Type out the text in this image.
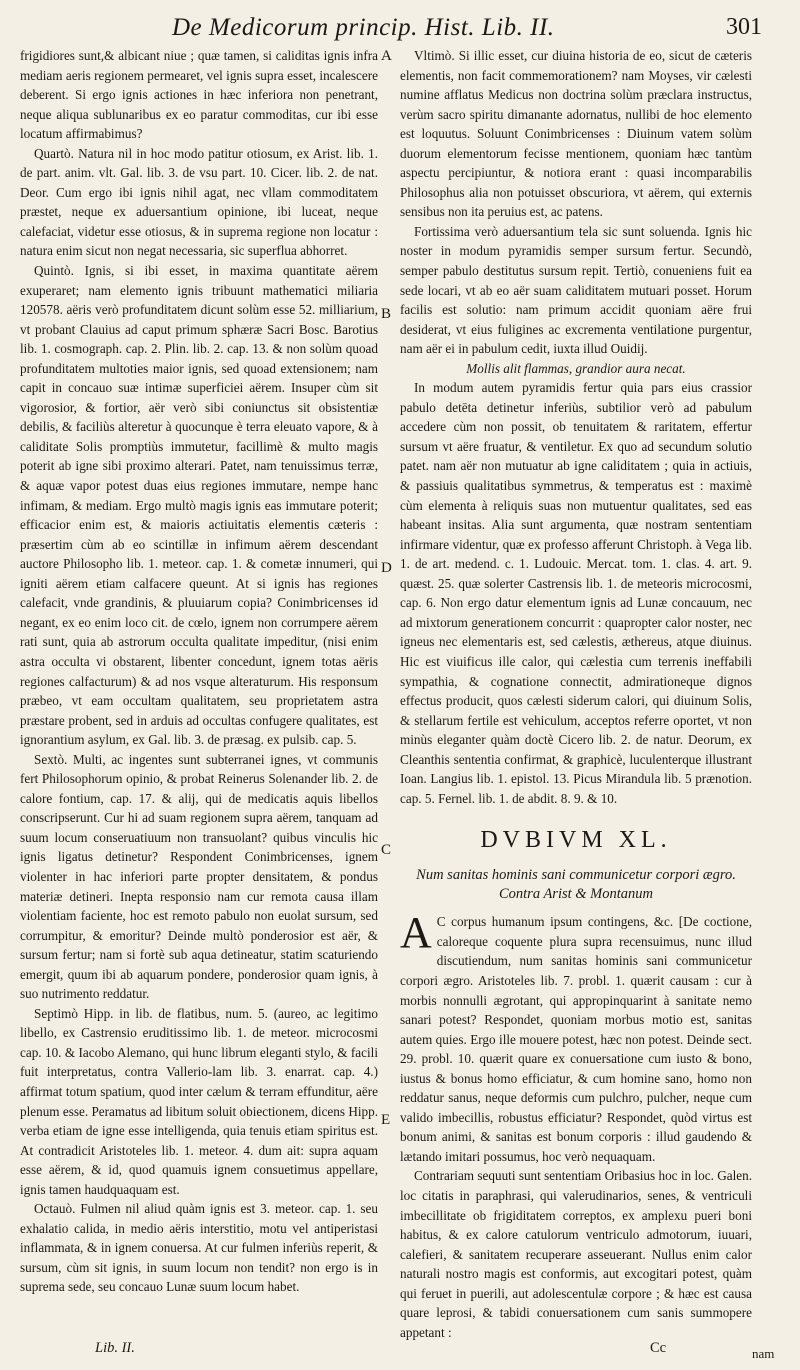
De Medicorum princip. Hist. Lib. II.	301
A
B
D
C
E

frigidiores sunt,& albicant niue ; quæ tamen, si caliditas ignis infra mediam aeris regionem permearet, vel ignis supra esset, incalescere deberent. Si ergo ignis actiones in hæc inferiora non penetrant, neque aliqua sublunaribus ex eo paratur commoditas, cur ibi esse locatum affirmabimus?

Quartò. Natura nil in hoc modo patitur otiosum, ex Arist. lib. 1. de part. anim. vlt. Gal. lib. 3. de vsu part. 10. Cicer. lib. 2. de nat. Deor. Cum ergo ibi ignis nihil agat, nec vllam commoditatem præstet, neque ex aduersantium opinione, ibi luceat, neque calefaciat, videtur esse otiosus, & in suprema regione non locatur : natura enim sicut non negat necessaria, sic superflua abhorret.

Quintò. Ignis, si ibi esset, in maxima quantitate aërem exuperaret; nam elemento ignis tribuunt mathematici miliaria 120578. aëris verò profunditatem dicunt solùm esse 52. milliarium, vt probant Clauius ad caput primum sphæræ Sacri Bosc. Barotius lib. 1. cosmograph. cap. 2. Plin. lib. 2. cap. 13. & non solùm quoad profunditatem multoties maior ignis, sed quoad extensionem; nam capit in concauo suæ intimæ superficiei aërem. Insuper cùm sit vigorosior, & fortior, aër verò sibi coniunctus sit obsistentiæ debilis, & faciliùs alteretur à quocunque è terra eleuato vapore, & à caliditate Solis promptiùs immutetur, facillimè & multo magis poterit ab igne sibi proximo alterari. Patet, nam tenuissimus terræ, & aquæ vapor potest duas eius regiones immutare, nempe hanc infimam, & mediam. Ergo multò magis ignis eas immutare poterit; efficacior enim est, & maioris actiuitatis elementis cæteris : præsertim cùm ab eo scintillæ in infimum aërem descendant auctore Philosopho lib. 1. meteor. cap. 1. & cometæ innumeri, qui igniti aërem etiam calfacere queunt. At si ignis has regiones calefacit, vnde grandinis, & pluuiarum copia? Conimbricenses id negant, ex eo enim loco cit. de cœlo, ignem non corrumpere aërem rati sunt, quia ab astrorum occulta qualitate impeditur, (nisi enim astra occulta vi obstarent, libenter concedunt, ignem totas aëris regiones calfacturum) & ad nos vsque alteraturum. His responsum præbeo, vt eam occultam qualitatem, seu proprietatem astra præstare probent, sed in arduis ad occultas confugere qualitates, est ignorantium asylum, ex Gal. lib. 3. de præsag. ex pulsib. cap. 5.

Sextò. Multi, ac ingentes sunt subterranei ignes, vt communis fert Philosophorum opinio, & probat Reinerus Solenander lib. 2. de calore fontium, cap. 17. & alij, qui de medicatis aquis libellos conscripserunt. Cur hi ad suam regionem supra aërem, tanquam ad suum locum conseruatiuum non transuolant? quibus vinculis hic ignis ligatus detinetur? Respondent Conimbricenses, ignem violenter in hac inferiori parte propter densitatem, & pondus materiæ detineri. Inepta responsio nam cur remota causa illam violentiam faciente, hoc est remoto pabulo non euolat sursum, sed corrumpitur, & emoritur? Deinde multò ponderosior est aër, & sursum fertur; nam si fortè sub aqua detineatur, statim scaturiendo emergit, quum ibi ab aquarum pondere, ponderosior quam ignis, à suo nutrimento reddatur.

Septimò Hipp. in lib. de flatibus, num. 5. (aureo, ac legitimo libello, ex Castrensio eruditissimo lib. 1. de meteor. microcosmi cap. 10. & Iacobo Alemano, qui hunc librum eleganti stylo, & facili fuit interpretatus, contra Vallerio-lam lib. 3. enarrat. cap. 4.) affirmat totum spatium, quod inter cælum & terram effunditur, aëre plenum esse. Peramatus ad libitum soluit obiectionem, dicens Hipp. verba etiam de igne esse intelligenda, quia tenuis etiam spiritus est. At contradicit Aristoteles lib. 1. meteor. 4. dum ait: supra aquam esse aërem, & id, quod quamuis ignem consuetimus appellare, ignis tamen haudquaquam est.

Octauò. Fulmen nil aliud quàm ignis est 3. meteor. cap. 1. seu exhalatio calida, in medio aëris interstitio, motu vel antiperistasi inflammata, & in ignem conuersa. At cur fulmen inferiùs reperit, & sursum, cùm sit ignis, in suum locum non tendit? non ergo is in suprema sede, seu concauo Lunæ suum locum habet.

Vltimò. Si illic esset, cur diuina historia de eo, sicut de cæteris elementis, non facit commemorationem? nam Moyses, vir cælesti numine afflatus Medicus non doctrina solùm præclara instructus, verùm sacro spiritu dimanante adornatus, nullibi de hoc elemento est loquutus. Soluunt Conimbricenses : Diuinum vatem solùm duorum elementorum fecisse mentionem, quoniam hæc tantùm aspectu percipiuntur, & notiora erant : quasi incomparabilis Philosophus alia non potuisset obscuriora, vt aërem, qui externis sensibus non ita peruius est, ac patens.

Fortissima verò aduersantium tela sic sunt soluenda. Ignis hic noster in modum pyramidis semper sursum fertur. Secundò, semper pabulo destitutus sursum repit. Tertiò, conueniens fuit ea sede locari, vt ab eo aër suam caliditatem mutuari posset. Horum facilis est solutio: nam primum accidit quoniam aëre frui desiderat, vt eius fuligines ac excrementa ventilatione purgentur, nam aër ei in pabulum cedit, iuxta illud Ouidij.

Mollis alit flammas, grandior aura necat.

In modum autem pyramidis fertur quia pars eius crassior pabulo detēta detinetur inferiùs, subtilior verò ad pabulum accedere cùm non possit, ob tenuitatem & raritatem, effertur sursum vt aëre fruatur, & ventiletur. Ex quo ad secundum solutio patet. nam aër non mutuatur ab igne caliditatem ; quia in actiuis, & passiuis qualitatibus symmetrus, & temperatus est : maximè cùm elementa à reliquis suas non mutuentur qualitates, sed eas habeant insitas. Alia sunt argumenta, quæ nostram sententiam infirmare videntur, quæ ex professo afferunt Christoph. à Vega lib. 1. de art. medend. c. 1. Ludouic. Mercat. tom. 1. clas. 4. art. 9. quæst. 25. quæ solerter Castrensis lib. 1. de meteoris microcosmi, cap. 6. Non ergo datur elementum ignis ad Lunæ concauum, nec ad mixtorum generationem concurrit : quapropter calor noster, nec igneus nec elementaris est, sed cælestis, æthereus, atque diuinus. Hic est viuificus ille calor, qui cælestia cum terrenis ineffabili sympathia, & cognatione connectit, admirationeque dignos effectus producit, quos cælesti siderum calori, qui diuinum Solis, & stellarum fertile est vehiculum, acceptos referre oportet, vt non minùs eleganter quàm doctè Cicero lib. 2. de natur. Deorum, ex Cleanthis sententia confirmat, & graphicè, luculenterque illustrant Ioan. Langius lib. 1. epistol. 13. Picus Mirandula lib. 5 prænotion. cap. 5. Fernel. lib. 1. de abdit. 8. 9. & 10.

DVBIVM XL.

Num sanitas hominis sani communicetur corpori ægro. Contra Arist & Montanum

A C corpus humanum ipsum contingens, &c. [De coctione, caloreque coquente plura supra recensuimus, nunc illud discutiendum, num sanitas hominis sani communicetur corpori ægro. Aristoteles lib. 7. probl. 1. quærit causam : cur à morbis nonnulli ægrotant, qui appropinquarint à sanitate nemo sanari potest? Respondet, quoniam morbus motio est, sanitas autem quies. Ergo ille mouere potest, hæc non potest. Deinde sect. 29. probl. 10. quærit quare ex conuersatione cum iusto & bono, iustus & bonus homo efficiatur, & cum homine sano, homo non reddatur sanus, neque deformis cum pulchro, pulcher, neque cum valido imbecillis, robustus efficiatur? Respondet, quòd virtus est bonum animi, & sanitas est bonum corporis : illud gaudendo & lætando imitari possumus, hoc verò nequaquam.

Contrariam sequuti sunt sententiam Oribasius hoc in loc. Galen. loc citatis in paraphrasi, qui valerudinarios, senes, & ventriculi imbecillitate ob frigiditatem correptos, ex amplexu pueri boni habitus, & ex calore catulorum ventriculo admotorum, iuuari, calefieri, & sanitatem recuperare asseuerant. Nullus enim calor naturali nostro magis est conformis, aut excogitari potest, quàm qui feruet in puerili, aut adolescentulæ corpore ; & hæc est causa quare leprosi, & tabidi conuersationem cum sanis summopere appetant :

Lib. II.	Cc	nam
